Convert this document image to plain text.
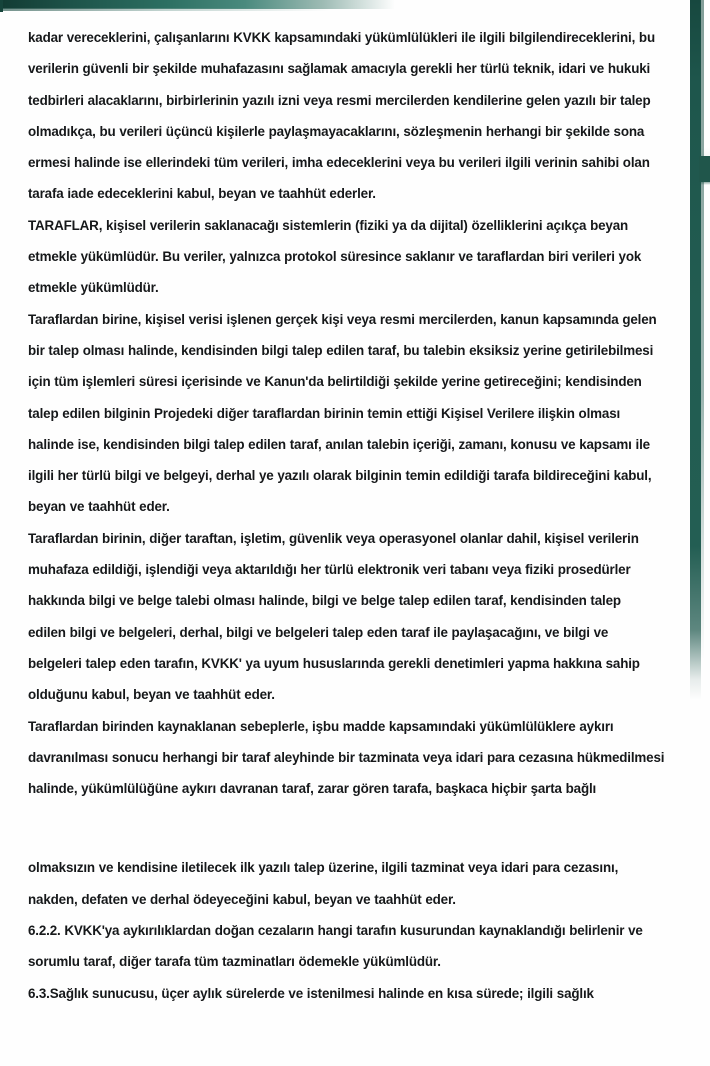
kadar vereceklerini, çalışanlarını KVKK kapsamındaki yükümlülükleri ile ilgili bilgilendireceklerini, bu
verilerin güvenli bir şekilde muhafazasını sağlamak amacıyla gerekli her türlü teknik, idari ve hukuki
tedbirleri alacaklarını, birbirlerinin yazılı izni veya resmi mercilerden kendilerine gelen yazılı bir talep
olmadıkça, bu verileri üçüncü kişilerle paylaşmayacaklarını, sözleşmenin herhangi bir şekilde sona
ermesi halinde ise ellerindeki tüm verileri, imha edeceklerini veya bu verileri ilgili verinin sahibi olan
tarafa iade edeceklerini kabul, beyan ve taahhüt ederler.

TARAFLAR, kişisel verilerin saklanacağı sistemlerin (fiziki ya da dijital) özelliklerini açıkça beyan
etmekle yükümlüdür. Bu veriler, yalnızca protokol süresince saklanır ve taraflardan biri verileri yok
etmekle yükümlüdür.

Taraflardan birine, kişisel verisi işlenen gerçek kişi veya resmi mercilerden, kanun kapsamında gelen
bir talep olması halinde, kendisinden bilgi talep edilen taraf, bu talebin eksiksiz yerine getirilebilmesi
için tüm işlemleri süresi içerisinde ve Kanun'da belirtildiği şekilde yerine getireceğini; kendisinden
talep edilen bilginin Projedeki diğer taraflardan birinin temin ettiği Kişisel Verilere ilişkin olması
halinde ise, kendisinden bilgi talep edilen taraf, anılan talebin içeriği, zamanı, konusu ve kapsamı ile
ilgili her türlü bilgi ve belgeyi, derhal ye yazılı olarak bilginin temin edildiği tarafa bildireceğini kabul,
beyan ve taahhüt eder.

Taraflardan birinin, diğer taraftan, işletim, güvenlik veya operasyonel olanlar dahil, kişisel verilerin
muhafaza edildiği, işlendiği veya aktarıldığı her türlü elektronik veri tabanı veya fiziki prosedürler
hakkında bilgi ve belge talebi olması halinde, bilgi ve belge talep edilen taraf, kendisinden talep
edilen bilgi ve belgeleri, derhal, bilgi ve belgeleri talep eden taraf ile paylaşacağını, ve bilgi ve
belgeleri talep eden tarafın, KVKK' ya uyum hususlarında gerekli denetimleri yapma hakkına sahip
olduğunu kabul, beyan ve taahhüt eder.

Taraflardan birinden kaynaklanan sebeplerle, işbu madde kapsamındaki yükümlülüklere aykırı
davranılması sonucu herhangi bir taraf aleyhinde bir tazminata veya idari para cezasına hükmedilmesi
halinde, yükümlülüğüne aykırı davranan taraf, zarar gören tarafa, başkaca hiçbir şarta bağlı

olmaksızın ve kendisine iletilecek ilk yazılı talep üzerine, ilgili tazminat veya idari para cezasını,
nakden, defaten ve derhal ödeyeceğini kabul, beyan ve taahhüt eder.

6.2.2. KVKK'ya aykırılıklardan doğan cezaların hangi tarafın kusurundan kaynaklandığı belirlenir ve
sorumlu taraf, diğer tarafa tüm tazminatları ödemekle yükümlüdür.

6.3.Sağlık sunucusu, üçer aylık sürelerde ve istenilmesi halinde en kısa sürede; ilgili sağlık
